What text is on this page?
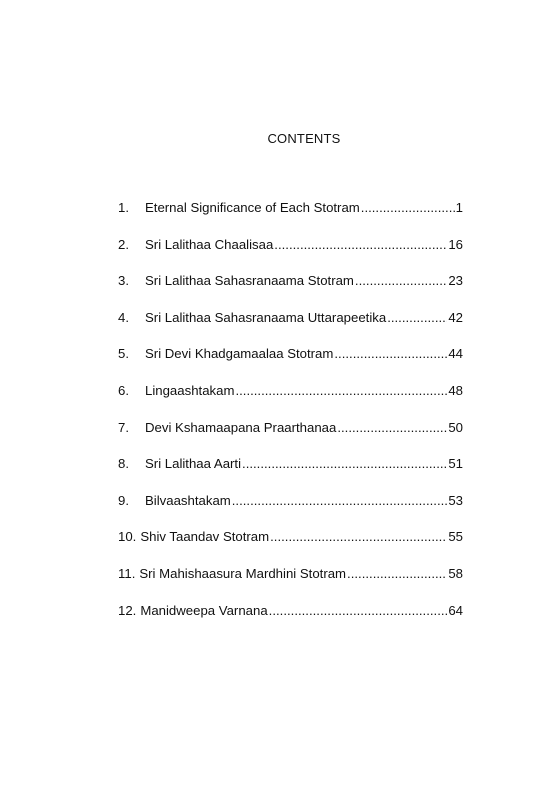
CONTENTS
1.	Eternal Significance of Each Stotram .....	1
2.	Sri Lalithaa Chaalisaa .....	16
3.	Sri Lalithaa Sahasranaama Stotram .....	23
4.	Sri Lalithaa Sahasranaama Uttarapeetika .....	42
5.	Sri Devi Khadgamaalaa Stotram .....	44
6.	Lingaashtakam .....	48
7.	Devi Kshamaapana Praarthanaa .....	50
8.	Sri Lalithaa Aarti .....	51
9.	Bilvaashtakam .....	53
10. Shiv Taandav Stotram .....	55
11. Sri Mahishaasura Mardhini Stotram .....	58
12. Manidweepa Varnana .....	64
